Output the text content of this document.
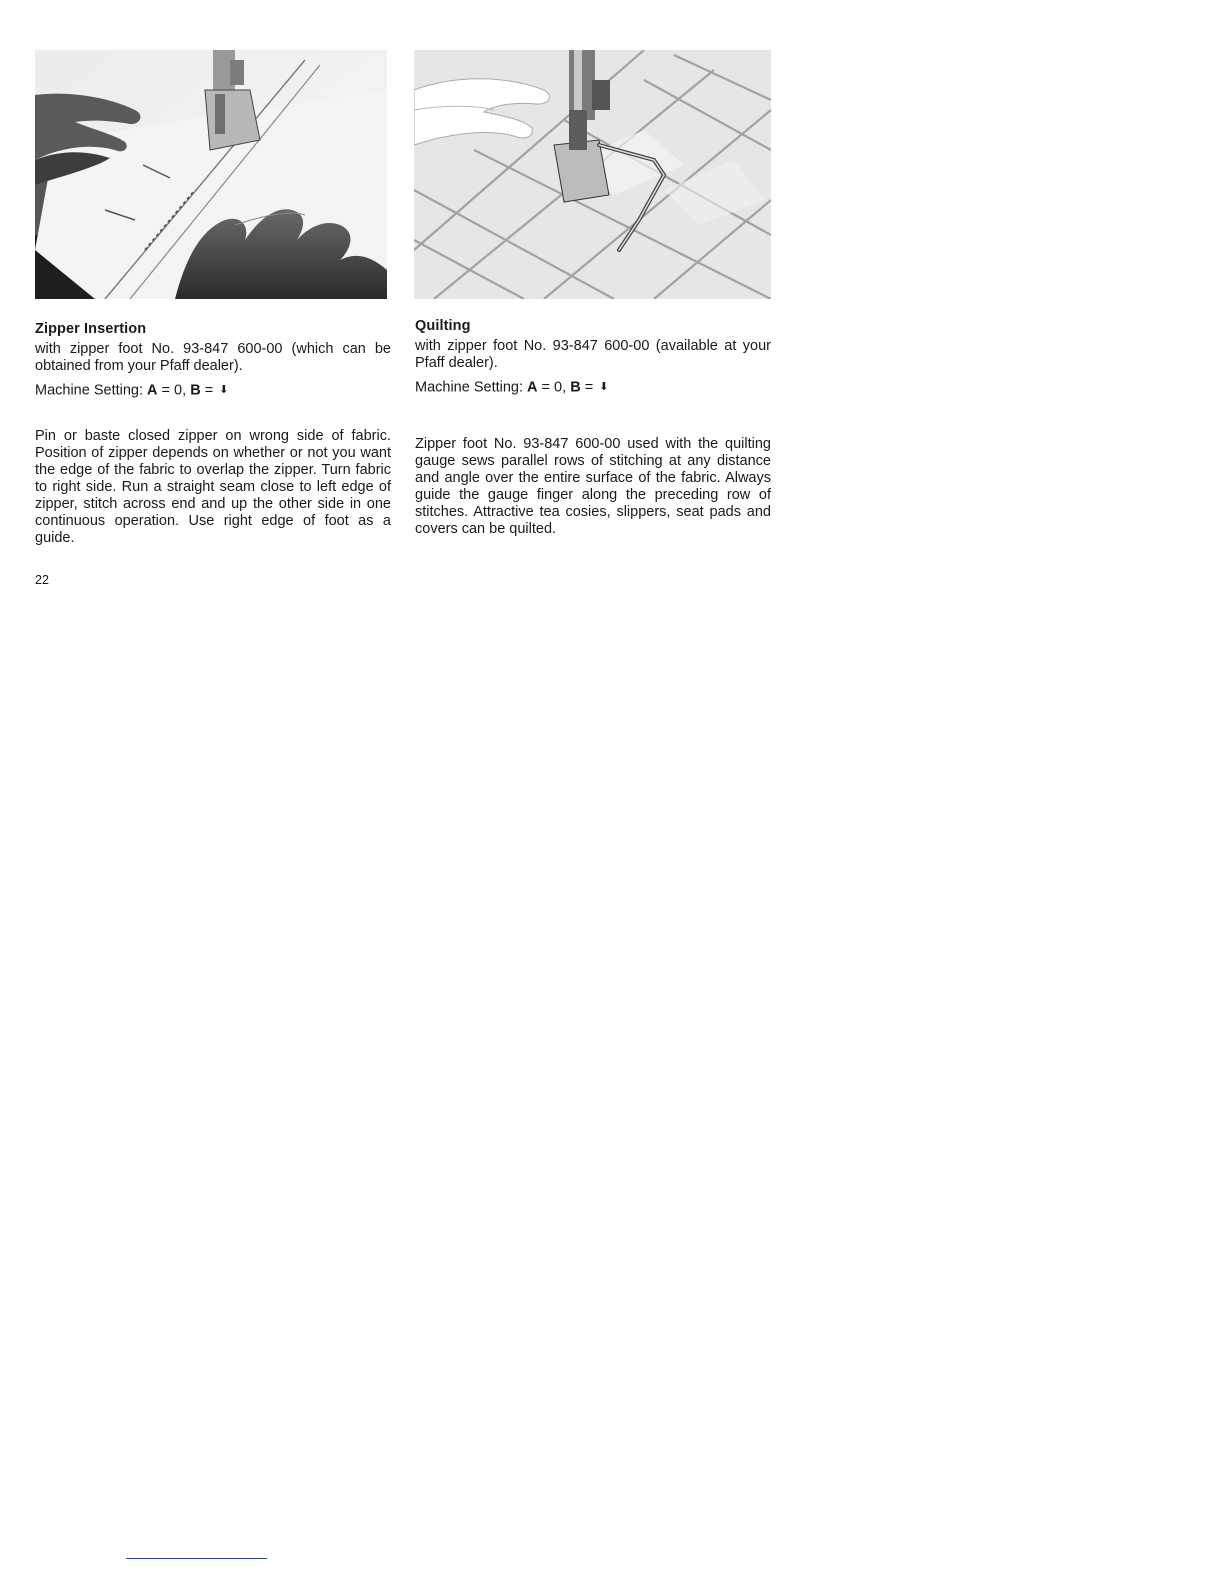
Zipper Insertion

with zipper foot No. 93-847 600-00 (which can be obtained from your Pfaff dealer).

Machine Setting: A = 0, B = ⬇

Pin or baste closed zipper on wrong side of fabric. Position of zipper depends on whether or not you want the edge of the fabric to overlap the zipper. Turn fabric to right side. Run a straight seam close to left edge of zipper, stitch across end and up the other side in one continuous operation. Use right edge of foot as a guide.

Quilting

with zipper foot No. 93-847 600-00 (available at your Pfaff dealer).

Machine Setting: A = 0, B = ⬇

Zipper foot No. 93-847 600-00 used with the quilting gauge sews parallel rows of stitching at any distance and angle over the entire surface of the fabric. Always guide the gauge finger along the preceding row of stitches. Attractive tea cosies, slippers, seat pads and covers can be quilted.

22
